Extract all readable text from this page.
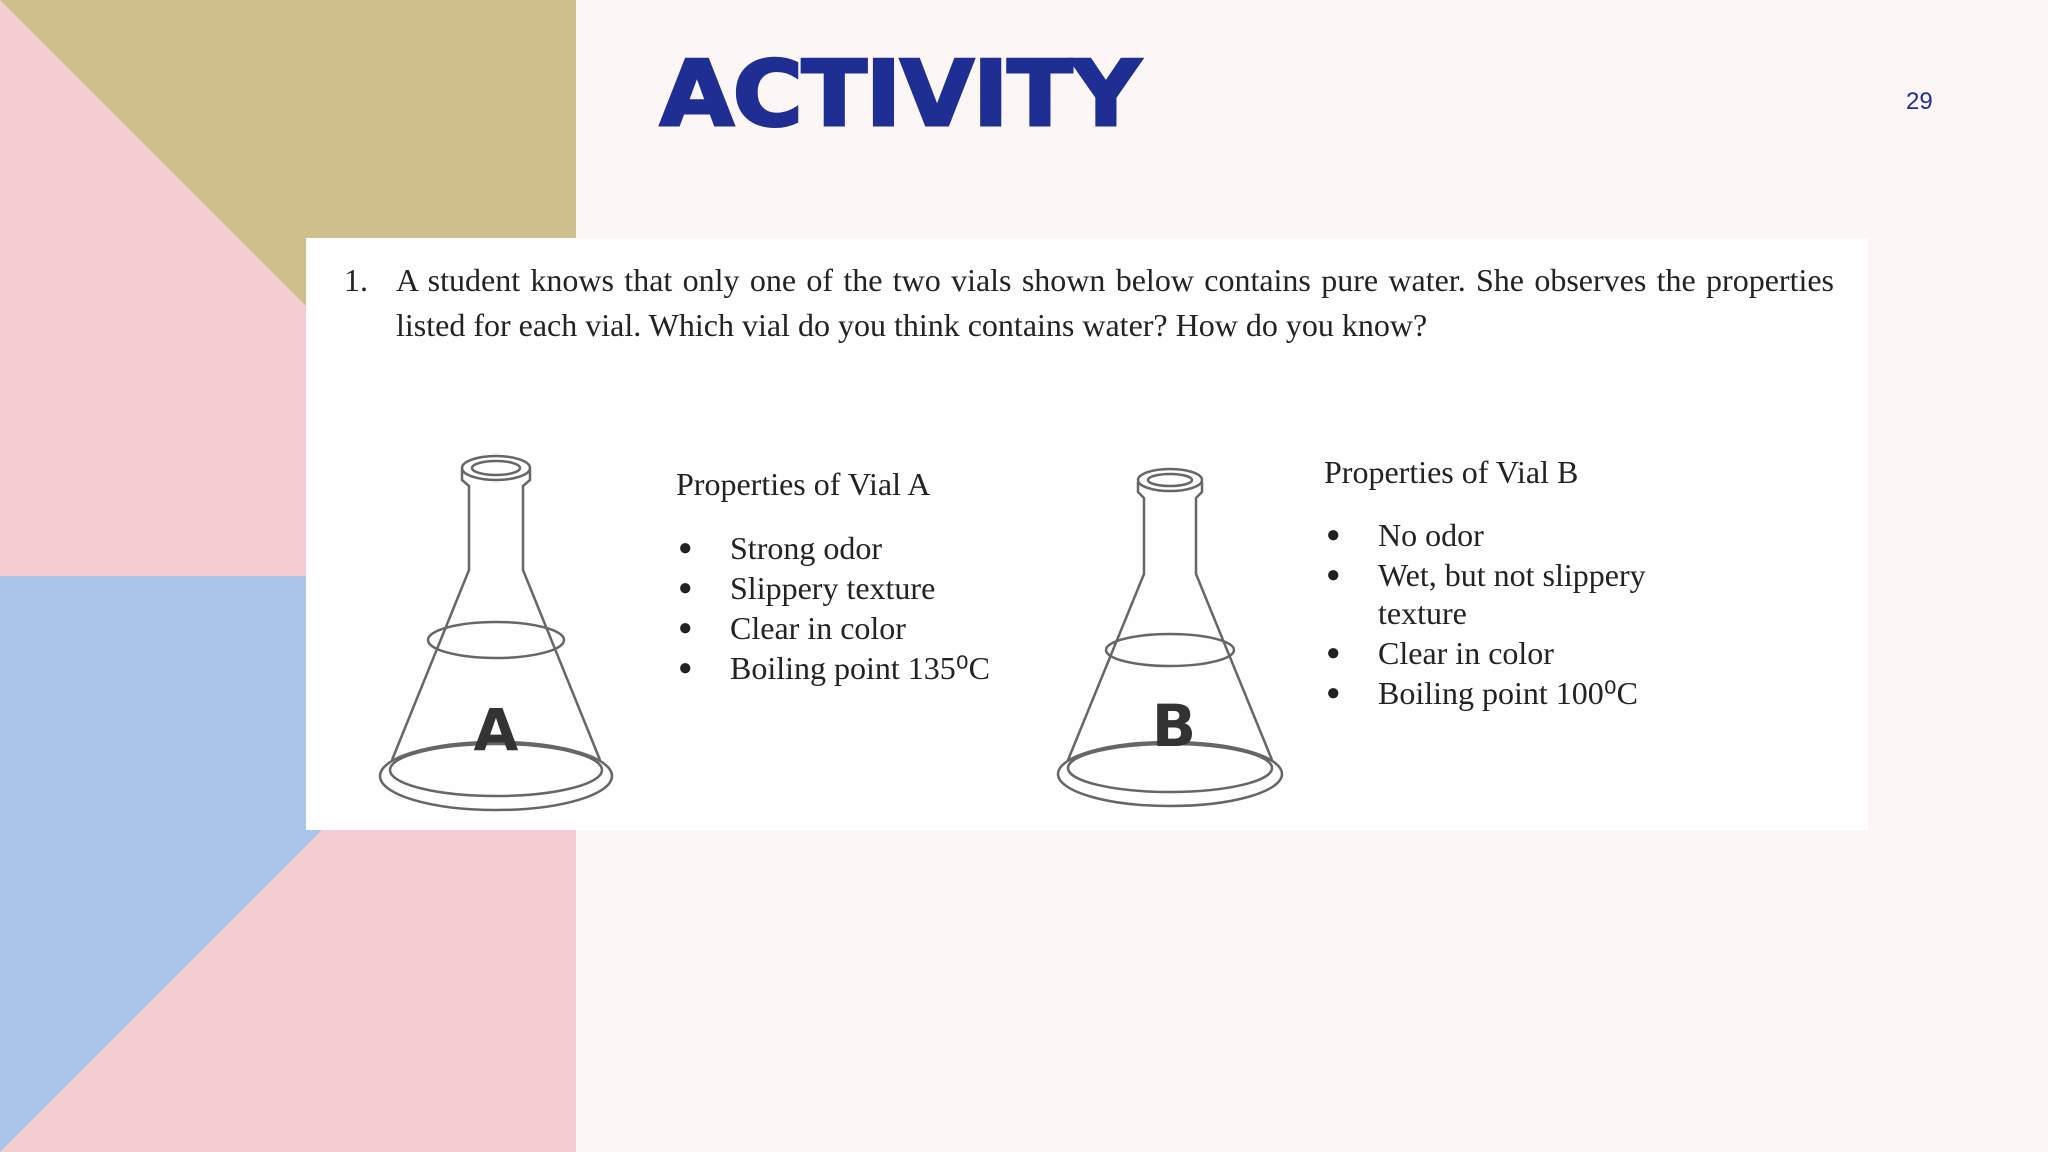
ACTIVITY	29
1. A student knows that only one of the two vials shown below contains pure water. She observes the properties listed for each vial. Which vial do you think contains water? How do you know?
A
Properties of Vial A
● Strong odor
● Slippery texture
● Clear in color
● Boiling point 135⁰C
B
Properties of Vial B
● No odor
● Wet, but not slippery texture
● Clear in color
● Boiling point 100⁰C
